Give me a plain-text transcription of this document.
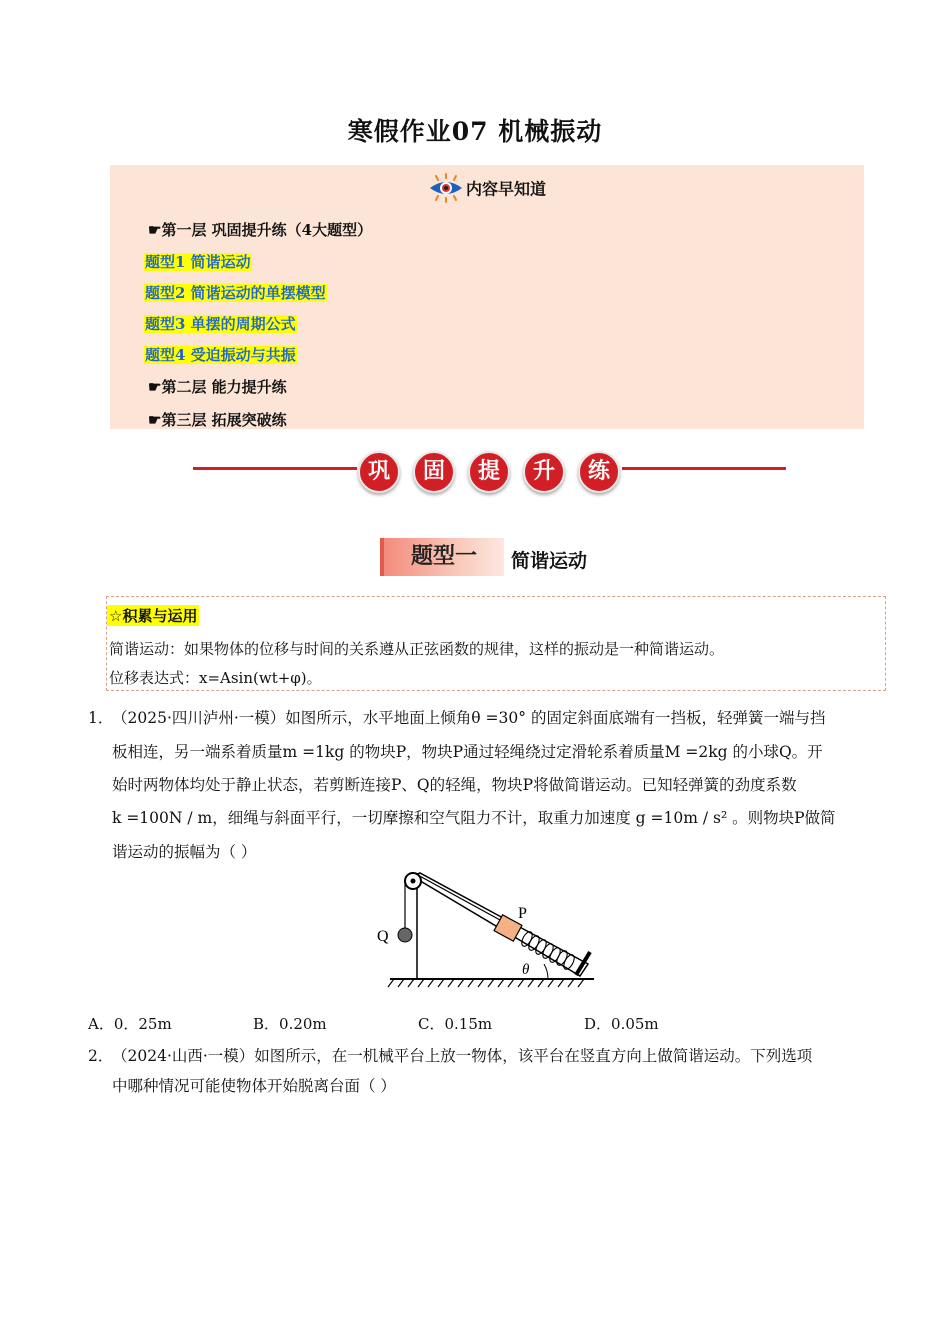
寒假作业07 机械振动
内容早知道
☛第一层 巩固提升练（4大题型）
题型1 简谐运动
题型2 简谐运动的单摆模型
题型3 单摆的周期公式
题型4 受迫振动与共振
☛第二层 能力提升练
☛第三层 拓展突破练
巩	固	提	升	练
题型一	简谐运动
☆积累与运用
简谐运动：如果物体的位移与时间的关系遵从正弦函数的规律，这样的振动是一种简谐运动。
位移表达式：x=Asin(wt+φ)。
1．
（2025·四川泸州·一模）如图所示，水平地面上倾角θ =30° 的固定斜面底端有一挡板，轻弹簧一端与挡
板相连，另一端系着质量m =1kg 的物块P，物块P通过轻绳绕过定滑轮系着质量M =2kg 的小球Q。开
始时两物体均处于静止状态，若剪断连接P、Q的轻绳，物块P将做简谐运动。已知轻弹簧的劲度系数
k =100N / m，细绳与斜面平行，一切摩擦和空气阻力不计，取重力加速度 g =10m / s² 。则物块P做简
谐运动的振幅为（ ）
Q
P
θ
A．0．25m	B．0.20m	C．0.15m	D．0.05m
2．
（2024·山西·一模）如图所示，在一机械平台上放一物体，该平台在竖直方向上做简谐运动。下列选项
中哪种情况可能使物体开始脱离台面（ ）
